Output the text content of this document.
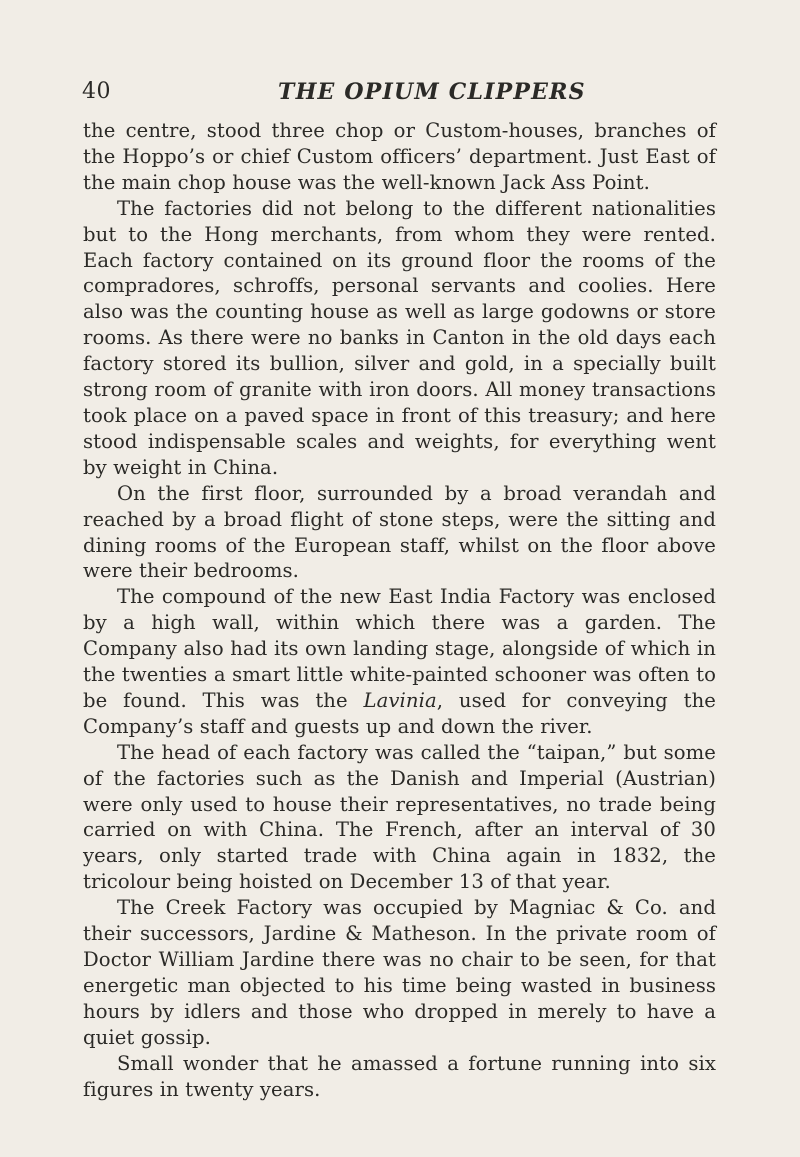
40	THE OPIUM CLIPPERS

the centre, stood three chop or Custom-houses, branches of the Hoppo’s or chief Custom officers’ department. Just East of the main chop house was the well-known Jack Ass Point.

The factories did not belong to the different nationalities but to the Hong merchants, from whom they were rented. Each factory contained on its ground floor the rooms of the compradores, schroffs, personal servants and coolies. Here also was the counting house as well as large godowns or store rooms. As there were no banks in Canton in the old days each factory stored its bullion, silver and gold, in a specially built strong room of granite with iron doors. All money transactions took place on a paved space in front of this treasury; and here stood indispensable scales and weights, for everything went by weight in China.

On the first floor, surrounded by a broad verandah and reached by a broad flight of stone steps, were the sitting and dining rooms of the European staff, whilst on the floor above were their bedrooms.

The compound of the new East India Factory was enclosed by a high wall, within which there was a garden. The Company also had its own landing stage, alongside of which in the twenties a smart little white-painted schooner was often to be found. This was the Lavinia, used for conveying the Company’s staff and guests up and down the river.

The head of each factory was called the “taipan,” but some of the factories such as the Danish and Imperial (Austrian) were only used to house their representatives, no trade being carried on with China. The French, after an interval of 30 years, only started trade with China again in 1832, the tricolour being hoisted on December 13 of that year.

The Creek Factory was occupied by Magniac & Co. and their successors, Jardine & Matheson. In the private room of Doctor William Jardine there was no chair to be seen, for that energetic man objected to his time being wasted in business hours by idlers and those who dropped in merely to have a quiet gossip.

Small wonder that he amassed a fortune running into six figures in twenty years.
